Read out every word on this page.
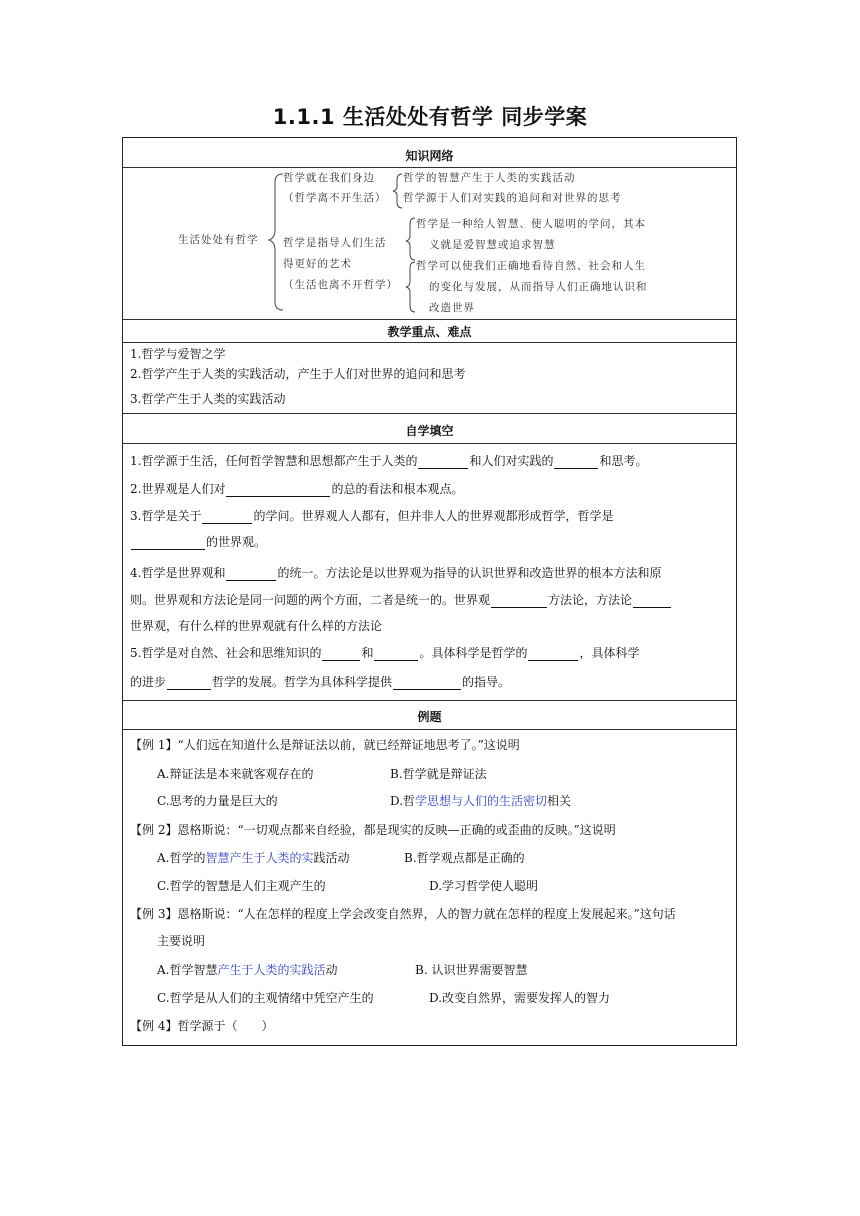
1.1.1 生活处处有哲学 同步学案
知识网络
生活处处有哲学
哲学就在我们身边
（哲学离不开生活）
哲学的智慧产生于人类的实践活动
哲学源于人们对实践的追问和对世界的思考
哲学是指导人们生活
得更好的艺术
（生活也离不开哲学）
哲学是一种给人智慧、使人聪明的学问，其本
义就是爱智慧或追求智慧
哲学可以使我们正确地看待自然、社会和人生
的变化与发展，从而指导人们正确地认识和
改造世界
教学重点、难点
1.哲学与爱智之学
2.哲学产生于人类的实践活动，产生于人们对世界的追问和思考
3.哲学产生于人类的实践活动
自学填空
1.哲学源于生活，任何哲学智慧和思想都产生于人类的    	和人们对实践的   	和思考。
2.世界观是人们对        	的总的看法和根本观点。
3.哲学是关于    	的学问。世界观人人都有，但并非人人的世界观都形成哲学，哲学是
      的世界观。
4.哲学是世界观和    	的统一。方法论是以世界观为指导的认识世界和改造世界的根本方法和原
则。世界观和方法论是同一问题的两个方面，二者是统一的。世界观    	方法论，方法论   
世界观，有什么样的世界观就有什么样的方法论
5.哲学是对自然、社会和思维知识的   	和   	。具体科学是哲学的    	，具体科学
的进步   	哲学的发展。哲学为具体科学提供     	的指导。
例题
【例 1】“人们远在知道什么是辩证法以前，就已经辩证地思考了。”这说明
A.辩证法是本来就客观存在的	B.哲学就是辩证法
C.思考的力量是巨大的	D.哲学思想与人们的生活密切相关
【例 2】恩格斯说：“一切观点都来自经验，都是现实的反映—正确的或歪曲的反映。”这说明
A.哲学的智慧产生于人类的实践活动	B.哲学观点都是正确的
C.哲学的智慧是人们主观产生的	D.学习哲学使人聪明
【例 3】恩格斯说：“人在怎样的程度上学会改变自然界，人的智力就在怎样的程度上发展起来。”这句话
主要说明
A.哲学智慧产生于人类的实践活动	B. 认识世界需要智慧
C.哲学是从人们的主观情绪中凭空产生的	D.改变自然界，需要发挥人的智力
【例 4】哲学源于（　　）
